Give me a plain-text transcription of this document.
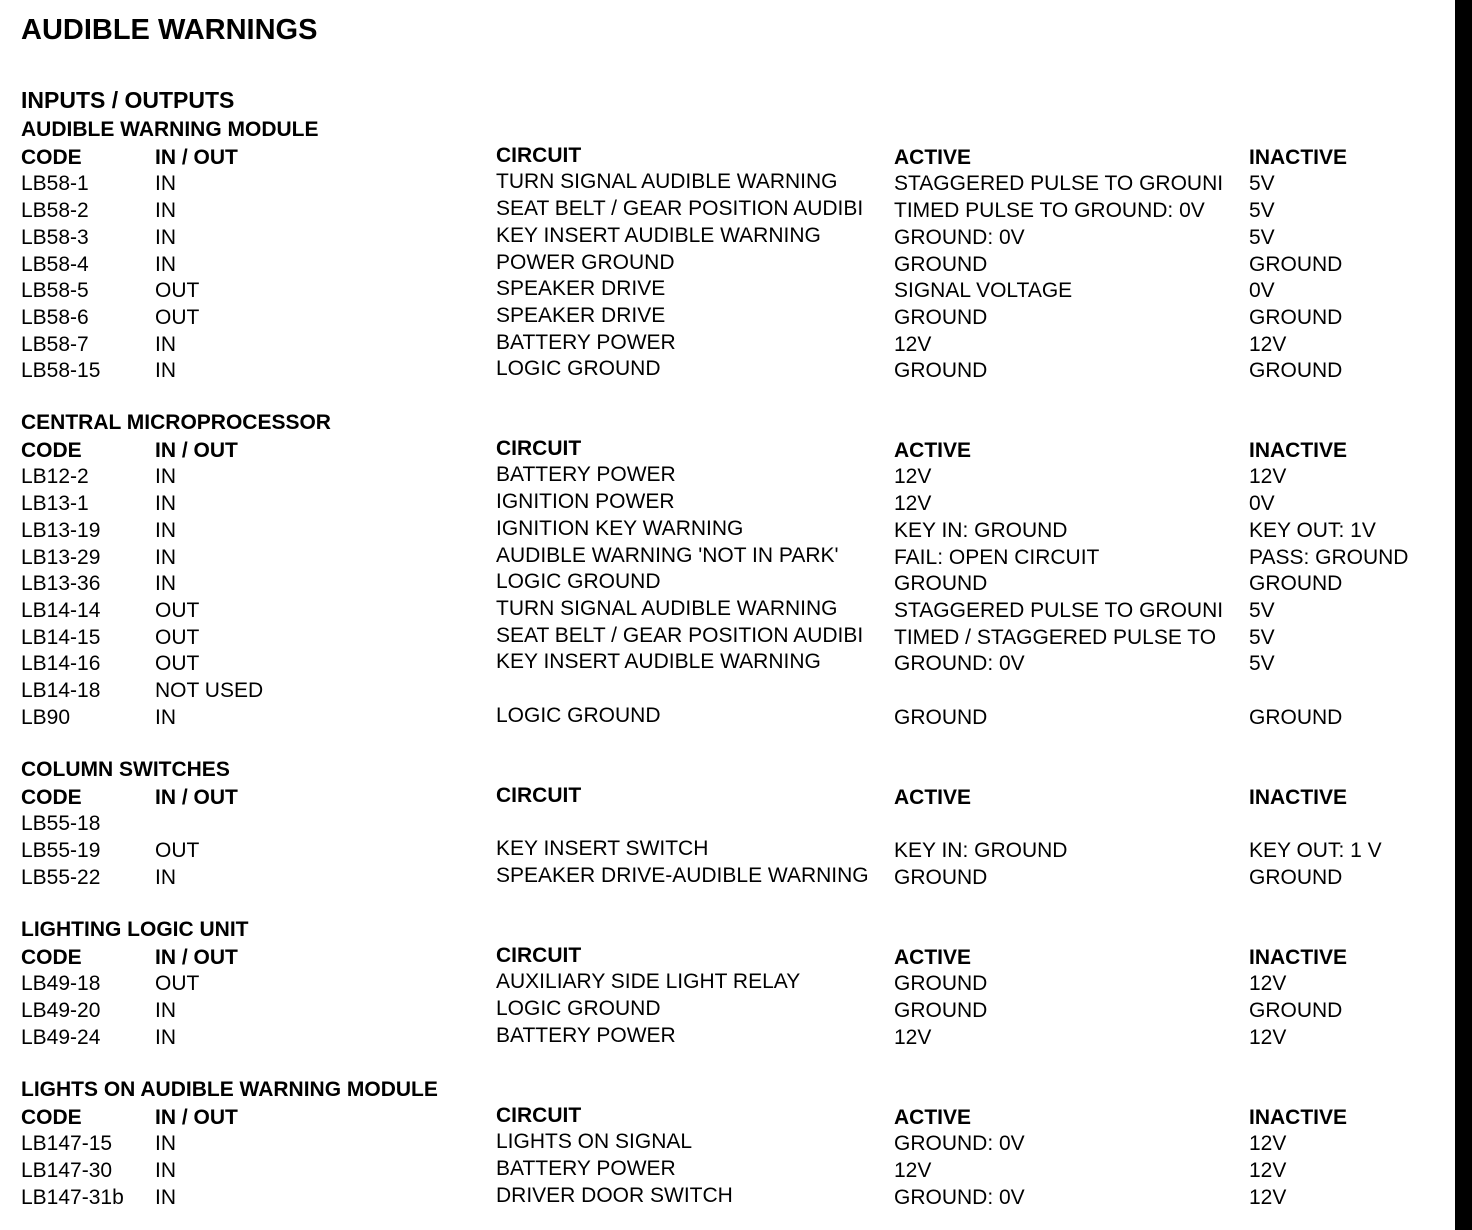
AUDIBLE WARNINGS
INPUTS / OUTPUTS
AUDIBLE WARNING MODULE
CODE	IN / OUT	CIRCUIT	ACTIVE	INACTIVE
LB58-1	IN	TURN SIGNAL AUDIBLE WARNING	STAGGERED PULSE TO GROUNI	5V
LB58-2	IN	SEAT BELT / GEAR POSITION AUDIBI	TIMED PULSE TO GROUND: 0V	5V
LB58-3	IN	KEY INSERT AUDIBLE WARNING	GROUND: 0V	5V
LB58-4	IN	POWER GROUND	GROUND	GROUND
LB58-5	OUT	SPEAKER DRIVE	SIGNAL VOLTAGE	0V
LB58-6	OUT	SPEAKER DRIVE	GROUND	GROUND
LB58-7	IN	BATTERY POWER	12V	12V
LB58-15	IN	LOGIC GROUND	GROUND	GROUND
CENTRAL MICROPROCESSOR
CODE	IN / OUT	CIRCUIT	ACTIVE	INACTIVE
LB12-2	IN	BATTERY POWER	12V	12V
LB13-1	IN	IGNITION POWER	12V	0V
LB13-19	IN	IGNITION KEY WARNING	KEY IN: GROUND	KEY OUT: 1V
LB13-29	IN	AUDIBLE WARNING 'NOT IN PARK'	FAIL: OPEN CIRCUIT	PASS: GROUND
LB13-36	IN	LOGIC GROUND	GROUND	GROUND
LB14-14	OUT	TURN SIGNAL AUDIBLE WARNING	STAGGERED PULSE TO GROUNI	5V
LB14-15	OUT	SEAT BELT / GEAR POSITION AUDIBI	TIMED / STAGGERED PULSE TO	5V
LB14-16	OUT	KEY INSERT AUDIBLE WARNING	GROUND: 0V	5V
LB14-18	NOT USED
LB90	IN	LOGIC GROUND	GROUND	GROUND
COLUMN SWITCHES
CODE	IN / OUT	CIRCUIT	ACTIVE	INACTIVE
LB55-18
LB55-19	OUT	KEY INSERT SWITCH	KEY IN: GROUND	KEY OUT: 1 V
LB55-22	IN	SPEAKER DRIVE-AUDIBLE WARNING	GROUND	GROUND
LIGHTING LOGIC UNIT
CODE	IN / OUT	CIRCUIT	ACTIVE	INACTIVE
LB49-18	OUT	AUXILIARY SIDE LIGHT RELAY	GROUND	12V
LB49-20	IN	LOGIC GROUND	GROUND	GROUND
LB49-24	IN	BATTERY POWER	12V	12V
LIGHTS ON AUDIBLE WARNING MODULE
CODE	IN / OUT	CIRCUIT	ACTIVE	INACTIVE
LB147-15	IN	LIGHTS ON SIGNAL	GROUND: 0V	12V
LB147-30	IN	BATTERY POWER	12V	12V
LB147-31b	IN	DRIVER DOOR SWITCH	GROUND: 0V	12V
